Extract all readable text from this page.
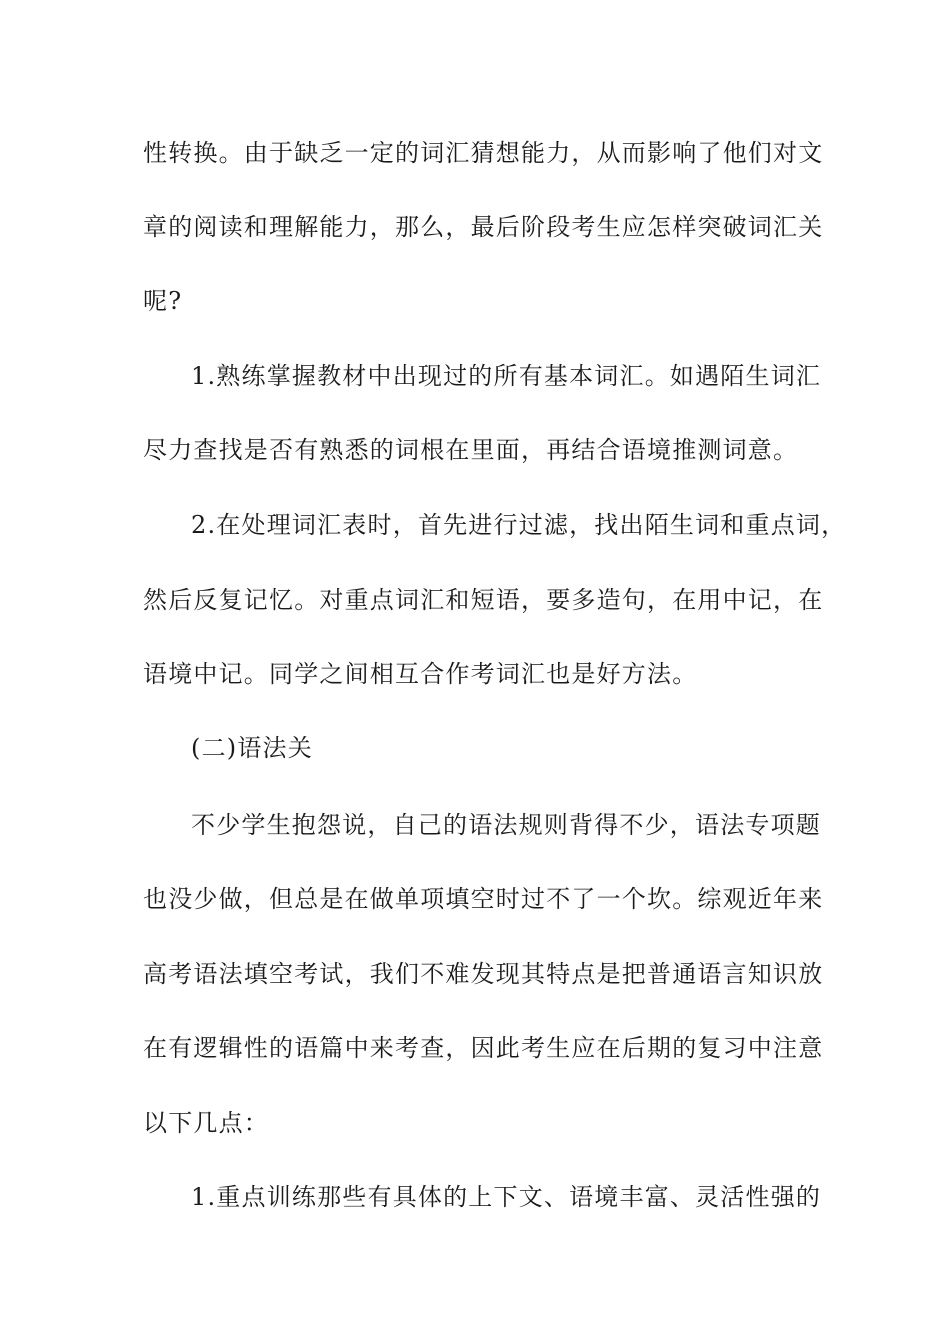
性转换。由于缺乏一定的词汇猜想能力，从而影响了他们对文

章的阅读和理解能力，那么，最后阶段考生应怎样突破词汇关

呢?

1.熟练掌握教材中出现过的所有基本词汇。如遇陌生词汇

尽力查找是否有熟悉的词根在里面，再结合语境推测词意。

2.在处理词汇表时，首先进行过滤，找出陌生词和重点词，

然后反复记忆。对重点词汇和短语，要多造句，在用中记，在

语境中记。同学之间相互合作考词汇也是好方法。

(二)语法关

不少学生抱怨说，自己的语法规则背得不少，语法专项题

也没少做，但总是在做单项填空时过不了一个坎。综观近年来

高考语法填空考试，我们不难发现其特点是把普通语言知识放

在有逻辑性的语篇中来考查，因此考生应在后期的复习中注意

以下几点：

1.重点训练那些有具体的上下文、语境丰富、灵活性强的
